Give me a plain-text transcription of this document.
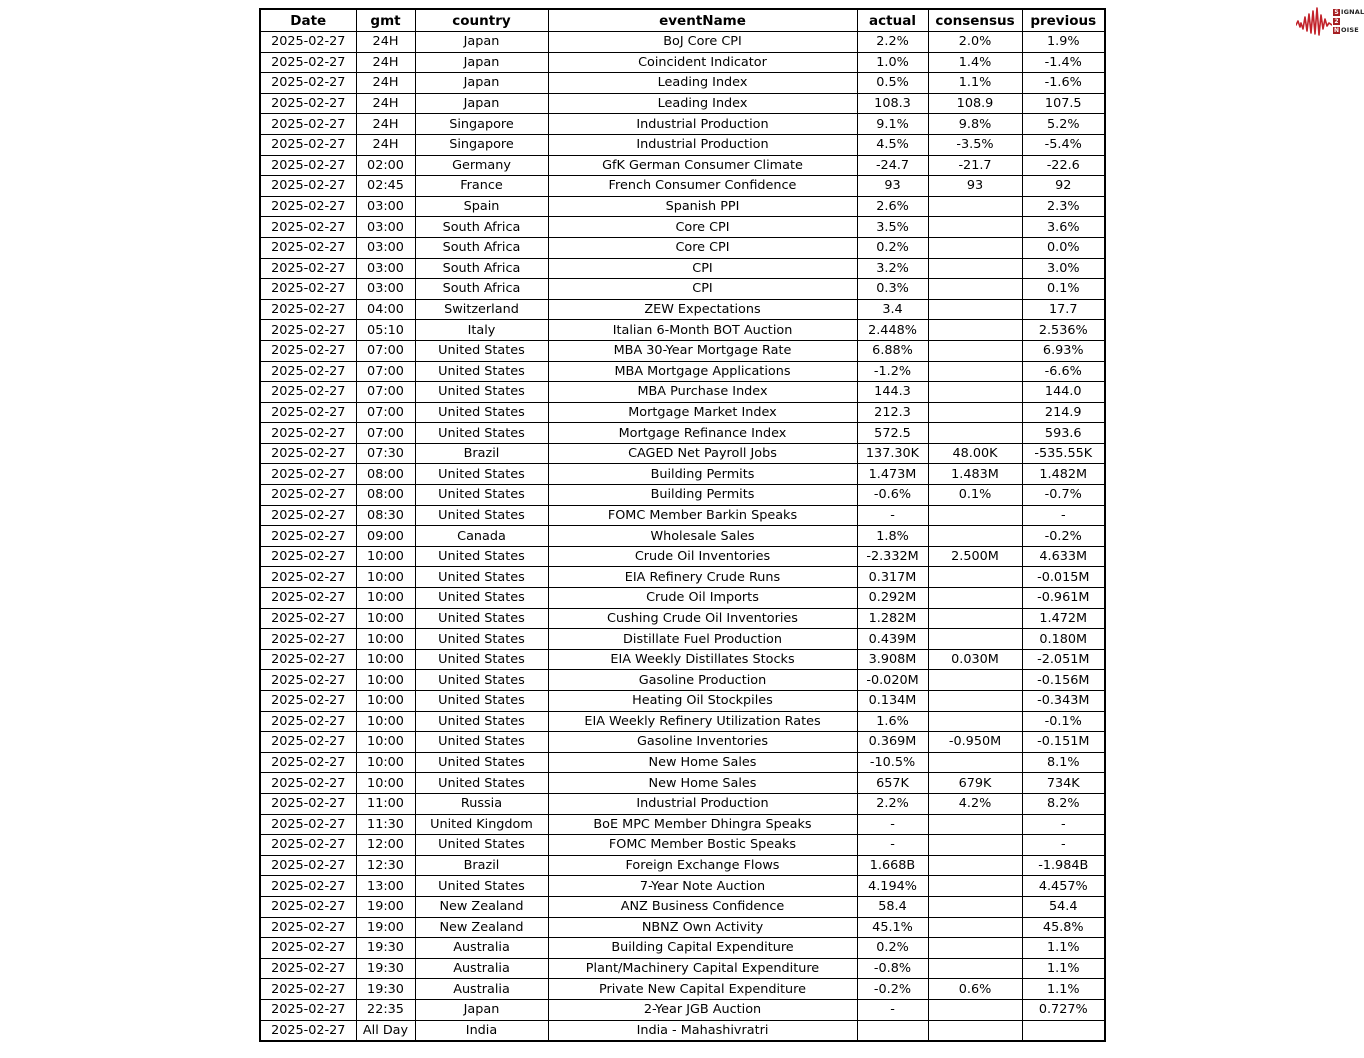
Date	gmt	country	eventName	actual	consensus	previous
2025-02-27	24H	Japan	BoJ Core CPI	2.2%	2.0%	1.9%
2025-02-27	24H	Japan	Coincident Indicator	1.0%	1.4%	-1.4%
2025-02-27	24H	Japan	Leading Index	0.5%	1.1%	-1.6%
2025-02-27	24H	Japan	Leading Index	108.3	108.9	107.5
2025-02-27	24H	Singapore	Industrial Production	9.1%	9.8%	5.2%
2025-02-27	24H	Singapore	Industrial Production	4.5%	-3.5%	-5.4%
2025-02-27	02:00	Germany	GfK German Consumer Climate	-24.7	-21.7	-22.6
2025-02-27	02:45	France	French Consumer Confidence	93	93	92
2025-02-27	03:00	Spain	Spanish PPI	2.6%		2.3%
2025-02-27	03:00	South Africa	Core CPI	3.5%		3.6%
2025-02-27	03:00	South Africa	Core CPI	0.2%		0.0%
2025-02-27	03:00	South Africa	CPI	3.2%		3.0%
2025-02-27	03:00	South Africa	CPI	0.3%		0.1%
2025-02-27	04:00	Switzerland	ZEW Expectations	3.4		17.7
2025-02-27	05:10	Italy	Italian 6-Month BOT Auction	2.448%		2.536%
2025-02-27	07:00	United States	MBA 30-Year Mortgage Rate	6.88%		6.93%
2025-02-27	07:00	United States	MBA Mortgage Applications	-1.2%		-6.6%
2025-02-27	07:00	United States	MBA Purchase Index	144.3		144.0
2025-02-27	07:00	United States	Mortgage Market Index	212.3		214.9
2025-02-27	07:00	United States	Mortgage Refinance Index	572.5		593.6
2025-02-27	07:30	Brazil	CAGED Net Payroll Jobs	137.30K	48.00K	-535.55K
2025-02-27	08:00	United States	Building Permits	1.473M	1.483M	1.482M
2025-02-27	08:00	United States	Building Permits	-0.6%	0.1%	-0.7%
2025-02-27	08:30	United States	FOMC Member Barkin Speaks	-		-
2025-02-27	09:00	Canada	Wholesale Sales	1.8%		-0.2%
2025-02-27	10:00	United States	Crude Oil Inventories	-2.332M	2.500M	4.633M
2025-02-27	10:00	United States	EIA Refinery Crude Runs	0.317M		-0.015M
2025-02-27	10:00	United States	Crude Oil Imports	0.292M		-0.961M
2025-02-27	10:00	United States	Cushing Crude Oil Inventories	1.282M		1.472M
2025-02-27	10:00	United States	Distillate Fuel Production	0.439M		0.180M
2025-02-27	10:00	United States	EIA Weekly Distillates Stocks	3.908M	0.030M	-2.051M
2025-02-27	10:00	United States	Gasoline Production	-0.020M		-0.156M
2025-02-27	10:00	United States	Heating Oil Stockpiles	0.134M		-0.343M
2025-02-27	10:00	United States	EIA Weekly Refinery Utilization Rates	1.6%		-0.1%
2025-02-27	10:00	United States	Gasoline Inventories	0.369M	-0.950M	-0.151M
2025-02-27	10:00	United States	New Home Sales	-10.5%		8.1%
2025-02-27	10:00	United States	New Home Sales	657K	679K	734K
2025-02-27	11:00	Russia	Industrial Production	2.2%	4.2%	8.2%
2025-02-27	11:30	United Kingdom	BoE MPC Member Dhingra Speaks	-		-
2025-02-27	12:00	United States	FOMC Member Bostic Speaks	-		-
2025-02-27	12:30	Brazil	Foreign Exchange Flows	1.668B		-1.984B
2025-02-27	13:00	United States	7-Year Note Auction	4.194%		4.457%
2025-02-27	19:00	New Zealand	ANZ Business Confidence	58.4		54.4
2025-02-27	19:00	New Zealand	NBNZ Own Activity	45.1%		45.8%
2025-02-27	19:30	Australia	Building Capital Expenditure	0.2%		1.1%
2025-02-27	19:30	Australia	Plant/Machinery Capital Expenditure	-0.8%		1.1%
2025-02-27	19:30	Australia	Private New Capital Expenditure	-0.2%	0.6%	1.1%
2025-02-27	22:35	Japan	2-Year JGB Auction	-		0.727%
2025-02-27	All Day	India	India - Mahashivratri			
S IGNAL
2
N OISE
